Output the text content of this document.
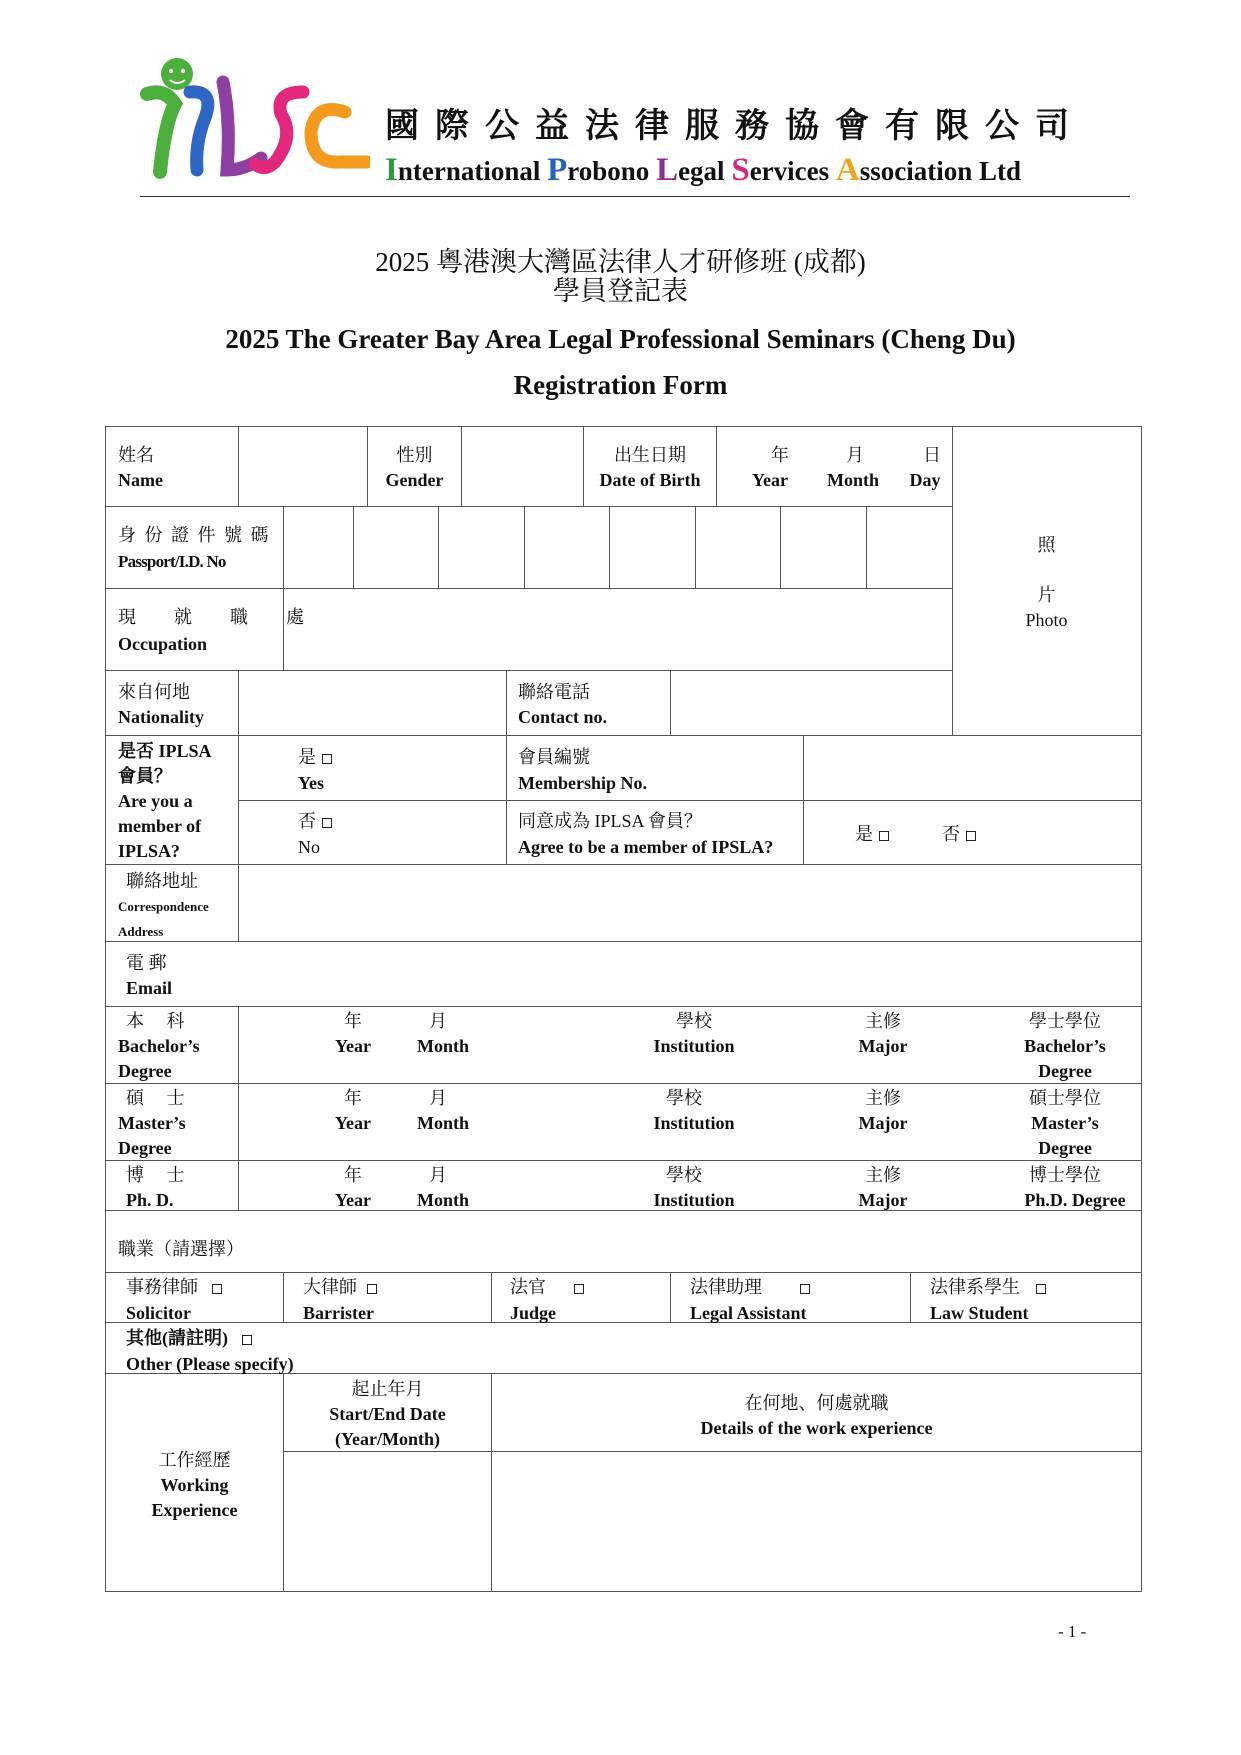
國際公益法律服務協會有限公司
International Probono Legal Services Association Ltd
2025 粵港澳大灣區法律人才研修班 (成都)
學員登記表
2025 The Greater Bay Area Legal Professional Seminars (Cheng Du)
Registration Form
姓名
Name
性別
Gender
出生日期
Date of Birth
年
Year
月
Month
日
Day
照
片
Photo
身 份 證 件 號 碼
Passport/I.D. No
現　就　職　處
Occupation
來自何地
Nationality
聯絡電話
Contact no.
是否 IPLSA
會員？
Are you a
member of
IPLSA?
是
Yes
否
No
會員編號
Membership No.
同意成為 IPLSA 會員？
Agree to be a member of IPSLA?
是	否
聯絡地址
Correspondence
Address
電 郵
Email
本　 科
Bachelor’s
Degree
年
Year
月
Month
學校
Institution
主修
Major
學士學位
Bachelor’s
Degree
碩　 士
Master’s
Degree
年
Year
月
Month
學校
Institution
主修
Major
碩士學位
Master’s
Degree
博　 士
Ph. D.
年
Year
月
Month
學校
Institution
主修
Major
博士學位
Ph.D. Degree
職業（請選擇）
事務律師
Solicitor
大律師
Barrister
法官
Judge
法律助理
Legal Assistant
法律系學生
Law Student
其他(請註明)
Other (Please specify)
工作經歷
Working
Experience
起止年月
Start/End Date
(Year/Month)
在何地、何處就職
Details of the work experience
- 1 -
